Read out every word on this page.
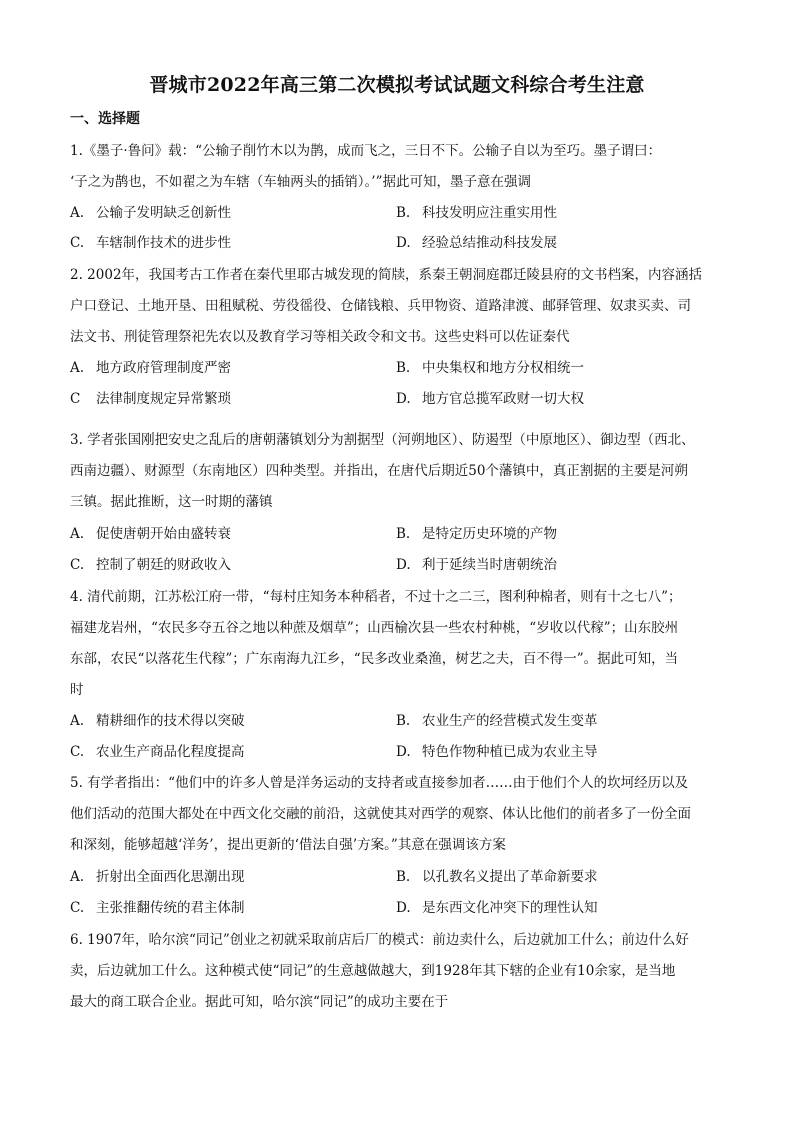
晋城市2022年高三第二次模拟考试试题文科综合考生注意
一、选择题
1.《墨子·鲁问》载：“公输子削竹木以为鹊，成而飞之，三日不下。公输子自以为至巧。墨子谓曰：
‘子之为鹊也，不如翟之为车辖（车轴两头的插销）。’”据此可知，墨子意在强调
A. 公输子发明缺乏创新性	B. 科技发明应注重实用性
C. 车辖制作技术的进步性	D. 经验总结推动科技发展
2. 2002年，我国考古工作者在秦代里耶古城发现的简牍，系秦王朝洞庭郡迁陵县府的文书档案，内容涵括
户口登记、土地开垦、田租赋税、劳役徭役、仓储钱粮、兵甲物资、道路津渡、邮驿管理、奴隶买卖、司
法文书、刑徒管理祭祀先农以及教育学习等相关政令和文书。这些史料可以佐证秦代
A. 地方政府管理制度严密	B. 中央集权和地方分权相统一
C 法律制度规定异常繁琐	D. 地方官总揽军政财一切大权
3. 学者张国刚把安史之乱后的唐朝藩镇划分为割据型（河朔地区）、防遏型（中原地区）、御边型（西北、
西南边疆）、财源型（东南地区）四种类型。并指出，在唐代后期近50个藩镇中，真正割据的主要是河朔
三镇。据此推断，这一时期的藩镇
A. 促使唐朝开始由盛转衰	B. 是特定历史环境的产物
C. 控制了朝廷的财政收入	D. 利于延续当时唐朝统治
4. 清代前期，江苏松江府一带，“每村庄知务本种稻者，不过十之二三，图利种棉者，则有十之七八”；
福建龙岩州，“农民多夺五谷之地以种蔗及烟草”；山西榆次县一些农村种桃，“岁收以代稼”；山东胶州
东部，农民“以落花生代稼”；广东南海九江乡，“民多改业桑渔，树艺之夫，百不得一”。据此可知，当
时
A. 精耕细作的技术得以突破	B. 农业生产的经营模式发生变革
C. 农业生产商品化程度提高	D. 特色作物种植已成为农业主导
5. 有学者指出：“他们中的许多人曾是洋务运动的支持者或直接参加者……由于他们个人的坎坷经历以及
他们活动的范围大都处在中西文化交融的前沿，这就使其对西学的观察、体认比他们的前者多了一份全面
和深刻，能够超越‘洋务’，提出更新的‘借法自强’方案。”其意在强调该方案
A. 折射出全面西化思潮出现	B. 以孔教名义提出了革命新要求
C. 主张推翻传统的君主体制	D. 是东西文化冲突下的理性认知
6. 1907年，哈尔滨“同记”创业之初就采取前店后厂的模式：前边卖什么，后边就加工什么；前边什么好
卖，后边就加工什么。这种模式使“同记”的生意越做越大，到1928年其下辖的企业有10余家，是当地
最大的商工联合企业。据此可知，哈尔滨“同记”的成功主要在于
